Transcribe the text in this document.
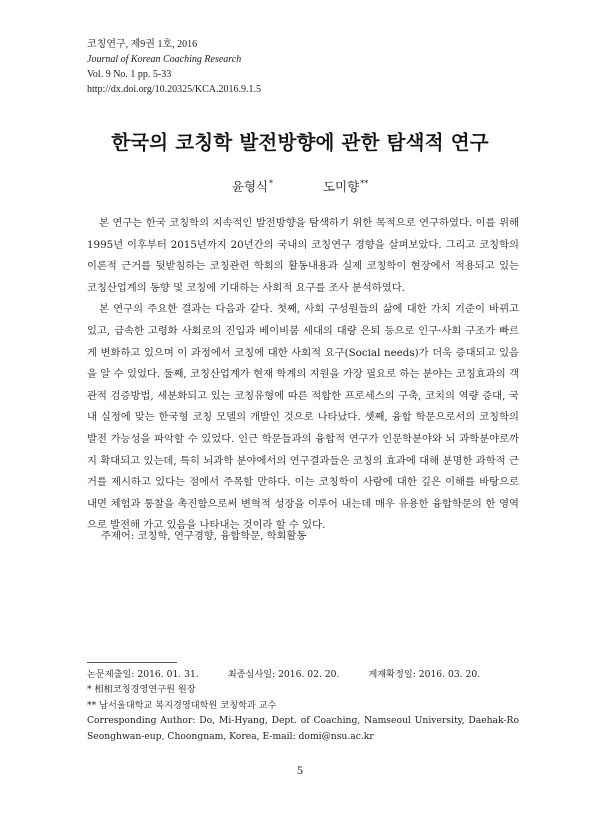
코칭연구, 제9권 1호, 2016
Journal of Korean Coaching Research
Vol. 9 No. 1 pp. 5-33
http://dx.doi.org/10.20325/KCA.2016.9.1.5
한국의 코칭학 발전방향에 관한 탐색적 연구
윤형식*	도미향**

본 연구는 한국 코칭학의 지속적인 발전방향을 탐색하기 위한 목적으로 연구하였다. 이를 위해 1995년 이후부터 2015년까지 20년간의 국내의 코칭연구 경향을 살펴보았다. 그리고 코칭학의 이론적 근거를 뒷받침하는 코칭관련 학회의 활동내용과 실제 코칭학이 현장에서 적용되고 있는 코칭산업계의 동향 및 코칭에 기대하는 사회적 요구를 조사 분석하였다.

본 연구의 주요한 결과는 다음과 같다. 첫째, 사회 구성원들의 삶에 대한 가치 기준이 바뀌고 있고, 급속한 고령화 사회로의 진입과 베이비붐 세대의 대량 은퇴 등으로 인구·사회 구조가 빠르게 변화하고 있으며 이 과정에서 코칭에 대한 사회적 요구(Social needs)가 더욱 증대되고 있음을 알 수 있었다. 둘째, 코칭산업계가 현재 학계의 지원을 가장 필요로 하는 분야는 코칭효과의 객관적 검증방법, 세분화되고 있는 코칭유형에 따른 적합한 프로세스의 구축, 코치의 역량 증대, 국내 실정에 맞는 한국형 코칭 모델의 개발인 것으로 나타났다. 셋째, 융합 학문으로서의 코칭학의 발전 가능성을 파악할 수 있었다. 인근 학문들과의 융합적 연구가 인문학분야와 뇌 과학분야로까지 확대되고 있는데, 특히 뇌과학 분야에서의 연구결과들은 코칭의 효과에 대해 분명한 과학적 근거를 제시하고 있다는 점에서 주목할 만하다. 이는 코칭학이 사람에 대한 깊은 이해를 바탕으로 내면 체험과 통찰을 촉진함으로써 변혁적 성장을 이루어 내는데 매우 유용한 융합학문의 한 영역으로 발전해 가고 있음을 나타내는 것이라 할 수 있다.

주제어: 코칭학, 연구경향, 융합학문, 학회활동
논문제출일: 2016. 01. 31.	최종심사일: 2016. 02. 20.	게재확정일: 2016. 03. 20.
* 相相코칭경영연구원 원장
** 남서울대학교 복지경영대학원 코칭학과 교수
Corresponding Author: Do, Mi-Hyang, Dept. of Coaching, Namseoul University, Daehak-Ro Seonghwan-eup, Choongnam, Korea, E-mail: domi@nsu.ac.kr
5
